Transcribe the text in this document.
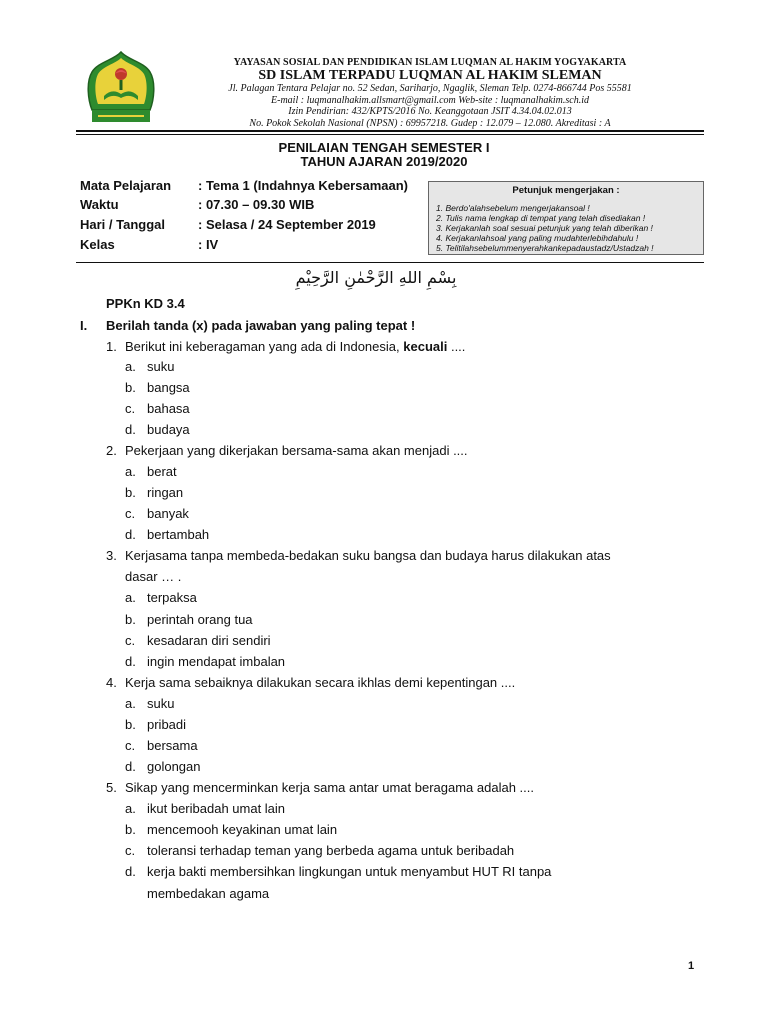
YAYASAN SOSIAL DAN PENDIDIKAN ISLAM LUQMAN AL HAKIM YOGYAKARTA
SD ISLAM TERPADU LUQMAN AL HAKIM SLEMAN
Jl. Palagan Tentara Pelajar no. 52 Sedan, Sariharjo, Ngaglik, Sleman Telp. 0274-866744 Pos 55581
E-mail : luqmanalhakim.allsmart@gmail.com Web-site : luqmanalhakim.sch.id
Izin Pendirian: 432/KPTS/2016 No. Keanggotaan JSIT 4.34.04.02.013
No. Pokok Sekolah Nasional (NPSN) : 69957218. Gudep : 12.079 – 12.080. Akreditasi : A
PENILAIAN TENGAH SEMESTER I
TAHUN AJARAN 2019/2020
Mata Pelajaran : Tema 1 (Indahnya Kebersamaan)
Waktu	: 07.30 – 09.30 WIB
Hari / Tanggal	: Selasa / 24 September 2019
Kelas	: IV
Petunjuk mengerjakan :
1. Berdo'alahsebelum mengerjakansoal !
2. Tulis nama lengkap di tempat yang telah disediakan !
3. Kerjakanlah soal sesuai petunjuk yang telah diberikan !
4. Kerjakanlahsoal yang paling mudahterlebihdahulu !
5. Telitilahsebelummenyerahkankepadaustadz/Ustadzah !
بِسْمِ اللهِ الرَّحْمٰنِ الرَّحِيْمِ
PPKn KD 3.4
I. Berilah tanda (x) pada jawaban yang paling tepat !
1. Berikut ini keberagaman yang ada di Indonesia, kecuali ....
a. suku
b. bangsa
c. bahasa
d. budaya
2. Pekerjaan yang dikerjakan bersama-sama akan menjadi ....
a. berat
b. ringan
c. banyak
d. bertambah
3. Kerjasama tanpa membeda-bedakan suku bangsa dan budaya harus dilakukan atas
dasar … .
a. terpaksa
b. perintah orang tua
c. kesadaran diri sendiri
d. ingin mendapat imbalan
4. Kerja sama sebaiknya dilakukan secara ikhlas demi kepentingan ....
a. suku
b. pribadi
c. bersama
d. golongan
5. Sikap yang mencerminkan kerja sama antar umat beragama adalah ....
a. ikut beribadah umat lain
b. mencemooh keyakinan umat lain
c. toleransi terhadap teman yang berbeda agama untuk beribadah
d. kerja bakti membersihkan lingkungan untuk menyambut HUT RI tanpa
membedakan agama
1
